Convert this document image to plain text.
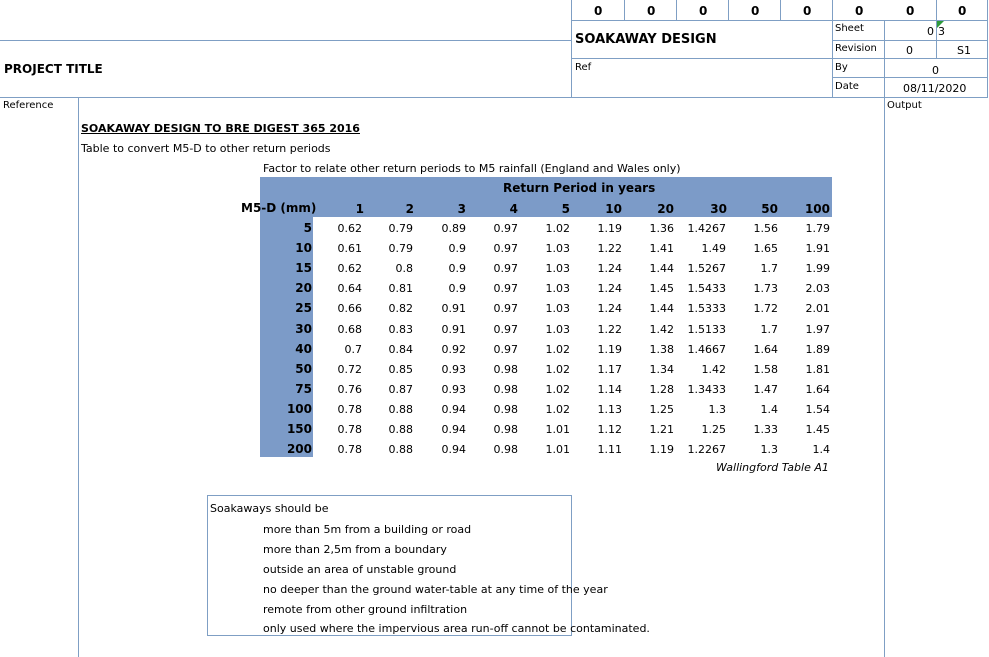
0	0	0	0	0	0	0	0
SOAKAWAY DESIGN
PROJECT TITLE	Ref
Sheet	0 3
Revision	0	S1
By	0
Date	08/11/2020
Reference	Output
SOAKAWAY DESIGN TO BRE DIGEST 365 2016
Table to convert M5-D to other return periods
Factor to relate other return periods to M5 rainfall (England and Wales only)
Return Period in years
M5-D (mm)	1	2	3	4	5	10	20	30	50	100
5	0.62	0.79	0.89	0.97	1.02	1.19	1.36	1.4267	1.56	1.79
10	0.61	0.79	0.9	0.97	1.03	1.22	1.41	1.49	1.65	1.91
15	0.62	0.8	0.9	0.97	1.03	1.24	1.44	1.5267	1.7	1.99
20	0.64	0.81	0.9	0.97	1.03	1.24	1.45	1.5433	1.73	2.03
25	0.66	0.82	0.91	0.97	1.03	1.24	1.44	1.5333	1.72	2.01
30	0.68	0.83	0.91	0.97	1.03	1.22	1.42	1.5133	1.7	1.97
40	0.7	0.84	0.92	0.97	1.02	1.19	1.38	1.4667	1.64	1.89
50	0.72	0.85	0.93	0.98	1.02	1.17	1.34	1.42	1.58	1.81
75	0.76	0.87	0.93	0.98	1.02	1.14	1.28	1.3433	1.47	1.64
100	0.78	0.88	0.94	0.98	1.02	1.13	1.25	1.3	1.4	1.54
150	0.78	0.88	0.94	0.98	1.01	1.12	1.21	1.25	1.33	1.45
200	0.78	0.88	0.94	0.98	1.01	1.11	1.19	1.2267	1.3	1.4
Wallingford Table A1
Soakaways should be
more than 5m from a building or road
more than 2,5m from a boundary
outside an area of unstable ground
no deeper than the ground water-table at any time of the year
remote from other ground infiltration
only used where the impervious area run-off cannot be contaminated.
